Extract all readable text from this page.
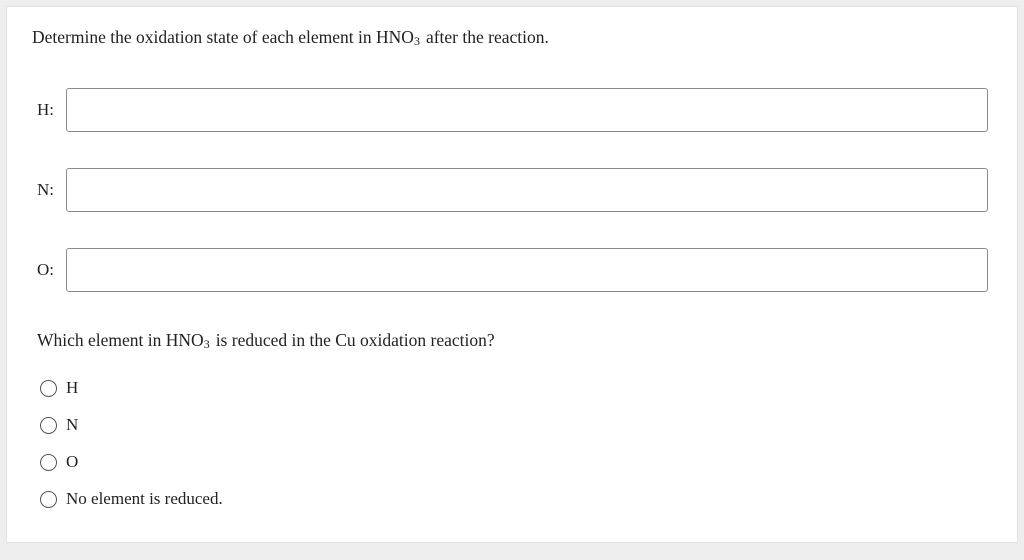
Determine the oxidation state of each element in $HNO_3$ after the reaction.
H:
N:
O:
Which element in $HNO_3$ is reduced in the Cu oxidation reaction?
H
N
O
No element is reduced.
